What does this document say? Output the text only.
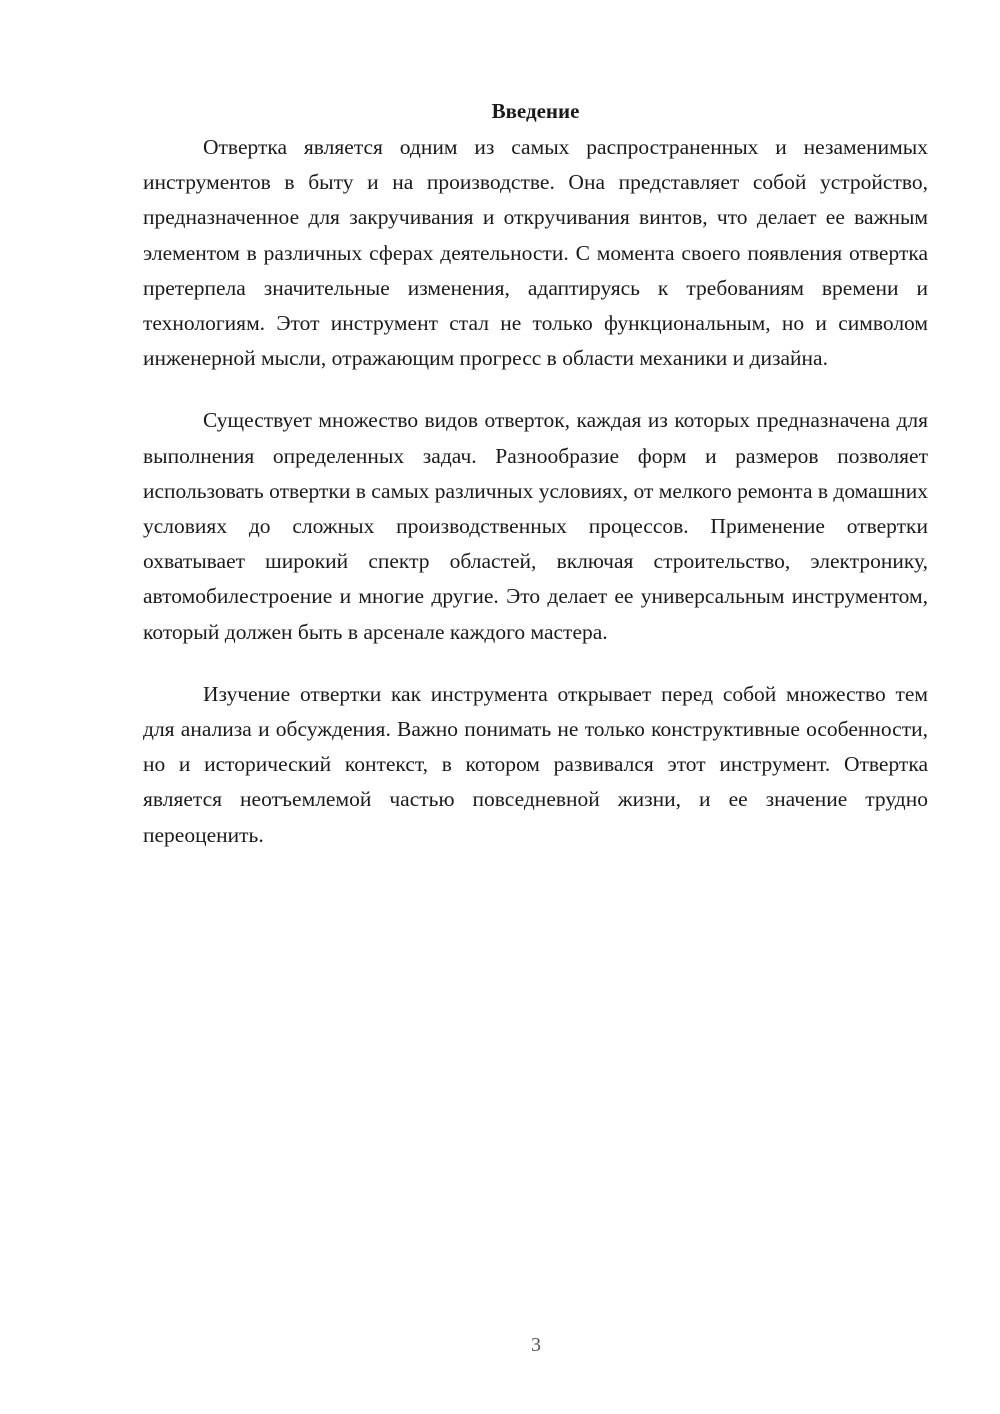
Введение

Отвертка является одним из самых распространенных и незаменимых инструментов в быту и на производстве. Она представляет собой устройство, предназначенное для закручивания и откручивания винтов, что делает ее важным элементом в различных сферах деятельности. С момента своего появления отвертка претерпела значительные изменения, адаптируясь к требованиям времени и технологиям. Этот инструмент стал не только функциональным, но и символом инженерной мысли, отражающим прогресс в области механики и дизайна.

Существует множество видов отверток, каждая из которых предназначена для выполнения определенных задач. Разнообразие форм и размеров позволяет использовать отвертки в самых различных условиях, от мелкого ремонта в домашних условиях до сложных производственных процессов. Применение отвертки охватывает широкий спектр областей, включая строительство, электронику, автомобилестроение и многие другие. Это делает ее универсальным инструментом, который должен быть в арсенале каждого мастера.

Изучение отвертки как инструмента открывает перед собой множество тем для анализа и обсуждения. Важно понимать не только конструктивные особенности, но и исторический контекст, в котором развивался этот инструмент. Отвертка является неотъемлемой частью повседневной жизни, и ее значение трудно переоценить.

3
